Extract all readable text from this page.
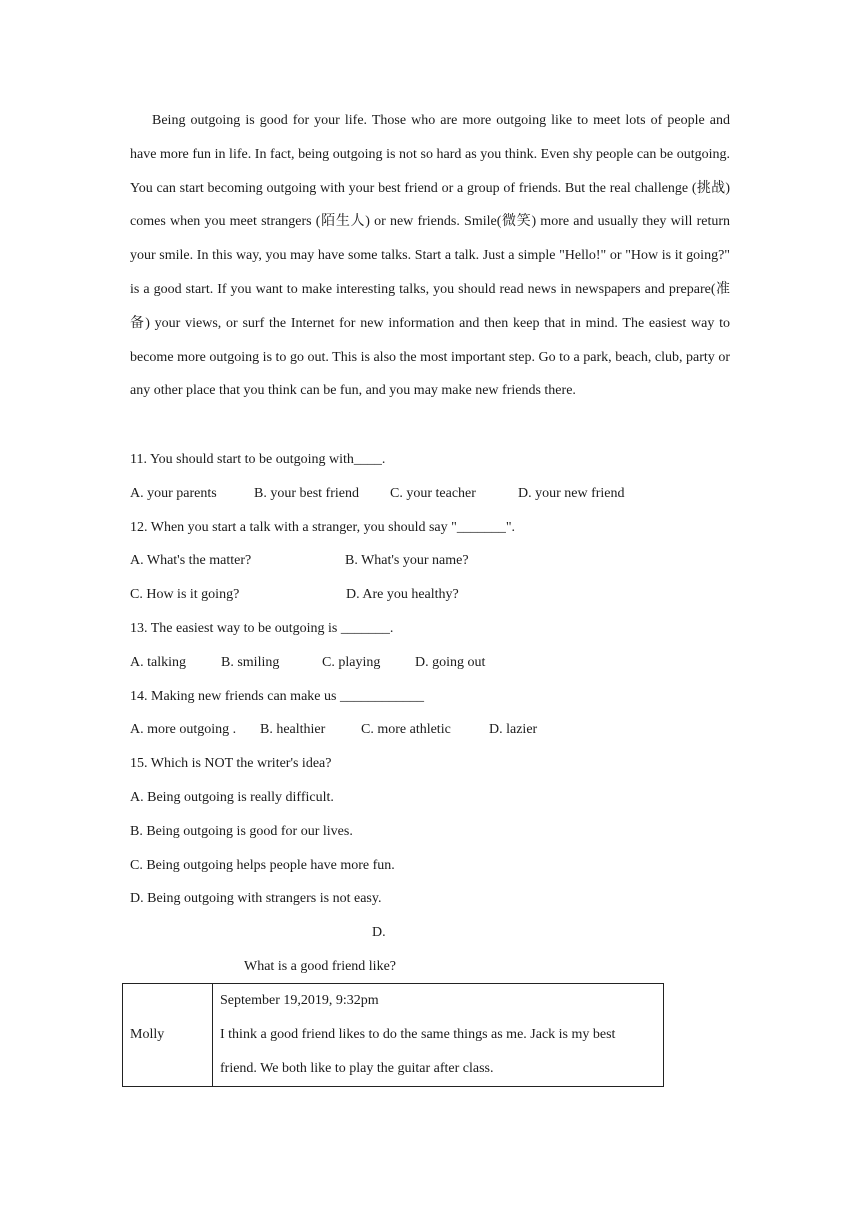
Being outgoing is good for your life. Those who are more outgoing like to meet lots of people and have more fun in life. In fact, being outgoing is not so hard as you think. Even shy people can be outgoing. You can start becoming outgoing with your best friend or a group of friends. But the real challenge (挑战) comes when you meet strangers (陌生人) or new friends. Smile(微笑) more and usually they will return your smile. In this way, you may have some talks. Start a talk. Just a simple "Hello!" or "How is it going?" is a good start. If you want to make interesting talks, you should read news in newspapers and prepare(准备) your views, or surf the Internet for new information and then keep that in mind. The easiest way to become more outgoing is to go out. This is also the most important step. Go to a park, beach, club, party or any other place that you think can be fun, and you may make new friends there.

11. You should start to be outgoing with____.
A. your parents	B. your best friend C. your teacher	D. your new friend
12. When you start a talk with a stranger, you should say "_______".
A. What's the matter?	B. What's your name?
C. How is it going?	D. Are you healthy?
13. The easiest way to be outgoing is _______.
A. talking	B. smiling	C. playing D. going out
14. Making new friends can make us ____________
A. more outgoing . B. healthier	C. more athletic	D. lazier
15. Which is NOT the writer's idea?
A. Being outgoing is really difficult.
B. Being outgoing is good for our lives.
C. Being outgoing helps people have more fun.
D. Being outgoing with strangers is not easy.
D.
What is a good friend like?
Molly	
September 19,2019, 9:32pm
I think a good friend likes to do the same things as me. Jack is my best
friend. We both like to play the guitar after class.
